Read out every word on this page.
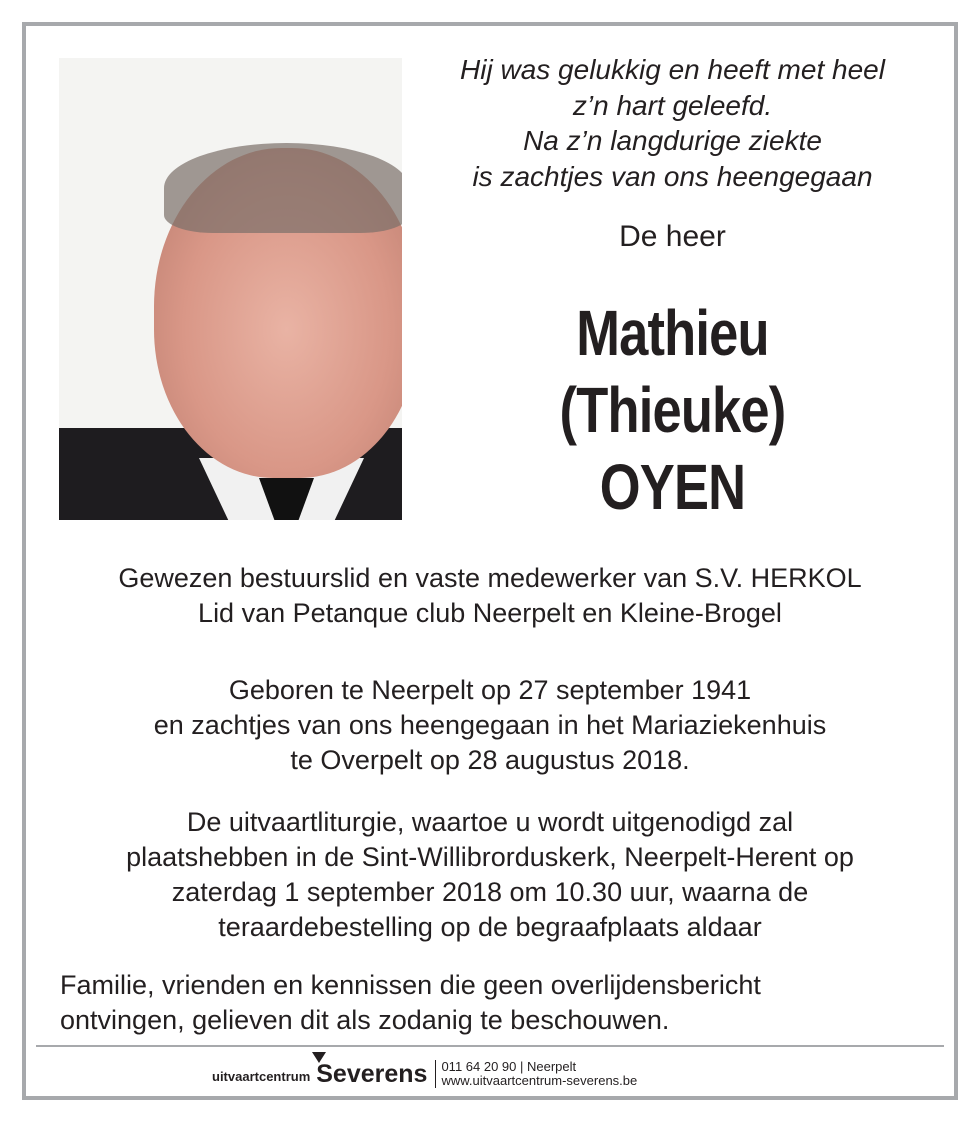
Hij was gelukkig en heeft met heel
z’n hart geleefd.
Na z’n langdurige ziekte
is zachtjes van ons heengegaan
De heer
Mathieu (Thieuke)
OYEN
Gewezen bestuurslid en vaste medewerker van S.V. HERKOL
Lid van Petanque club Neerpelt en Kleine-Brogel
Geboren te Neerpelt op 27 september 1941
en zachtjes van ons heengegaan in het Mariaziekenhuis
te Overpelt op 28 augustus 2018.
De uitvaartliturgie, waartoe u wordt uitgenodigd zal
plaatshebben in de Sint-Willibrorduskerk, Neerpelt-Herent op
zaterdag 1 september 2018 om 10.30 uur, waarna de
teraardebestelling op de begraafplaats aldaar
Familie, vrienden en kennissen die geen overlijdensbericht
ontvingen, gelieven dit als zodanig te beschouwen.
uitvaartcentrum Severens 011 64 20 90 | Neerpelt
www.uitvaartcentrum-severens.be
